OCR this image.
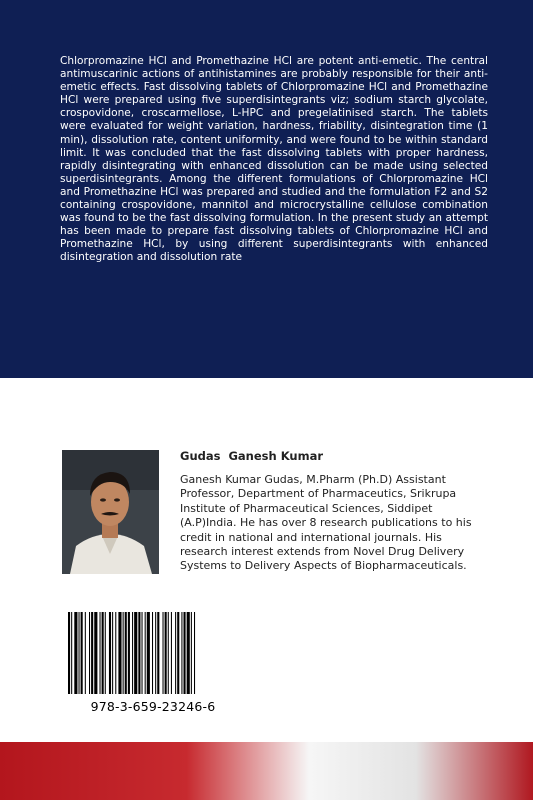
Chlorpromazine HCl and Promethazine HCl are potent anti-emetic. The central antimuscarinic actions of antihistamines are probably responsible for their anti-emetic effects. Fast dissolving tablets of Chlorpromazine HCl and Promethazine HCl were prepared using five superdisintegrants viz; sodium starch glycolate, crospovidone, croscarmellose, L-HPC and pregelatinised starch. The tablets were evaluated for weight variation, hardness, friability, disintegration time (1 min), dissolution rate, content uniformity, and were found to be within standard limit. It was concluded that the fast dissolving tablets with proper hardness, rapidly disintegrating with enhanced dissolution can be made using selected superdisintegrants. Among the different formulations of Chlorpromazine HCl and Promethazine HCl was prepared and studied and the formulation F2 and S2 containing crospovidone, mannitol and microcrystalline cellulose combination was found to be the fast dissolving formulation. In the present study an attempt has been made to prepare fast dissolving tablets of Chlorpromazine HCl and Promethazine HCl, by using different superdisintegrants with enhanced disintegration and dissolution rate

Gudas  Ganesh Kumar

Ganesh Kumar Gudas, M.Pharm (Ph.D) Assistant Professor, Department of Pharmaceutics, Srikrupa Institute of Pharmaceutical Sciences, Siddipet (A.P)India. He has over 8 research publications to his credit in national and international journals. His research interest extends from Novel Drug Delivery Systems to Delivery Aspects of Biopharmaceuticals.

978-3-659-23246-6
